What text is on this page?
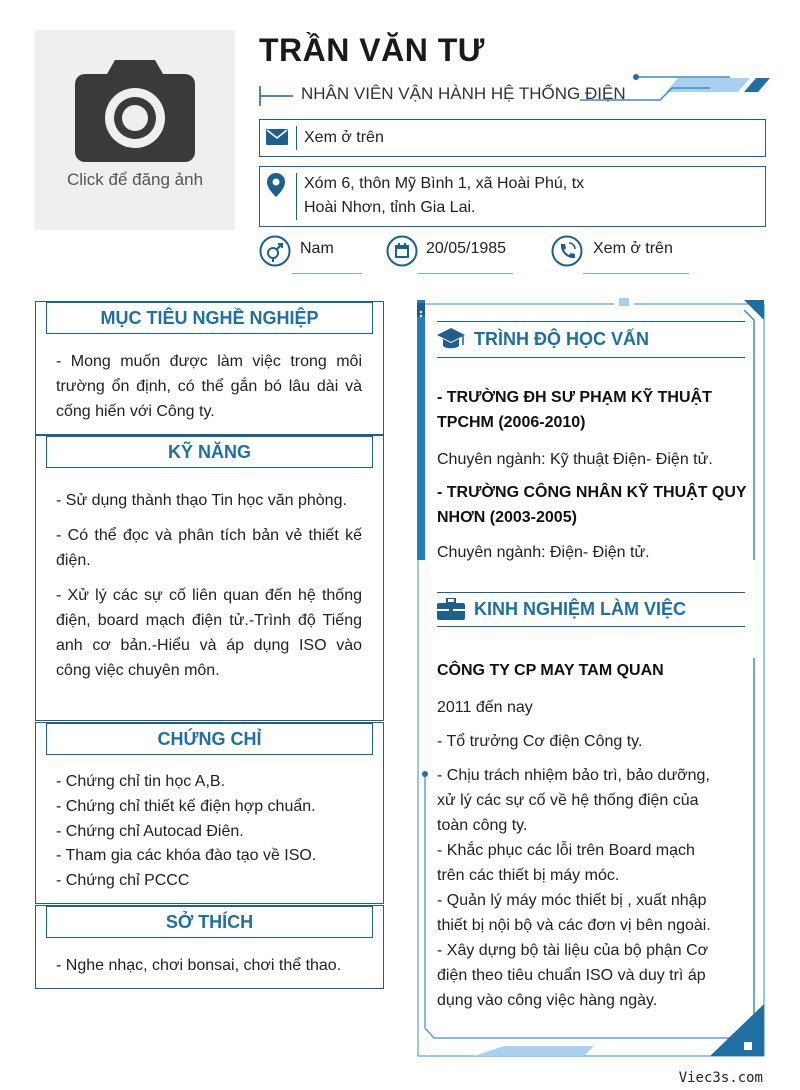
Click để đăng ảnh
TRẦN VĂN TƯ
NHÂN VIÊN VẬN HÀNH HỆ THỐNG ĐIỆN
Xem ở trên
Xóm 6, thôn Mỹ Bình 1, xã Hoài Phú, tx
Hoài Nhơn, tỉnh Gia Lai.
Nam	20/05/1985	Xem ở trên
MỤC TIÊU NGHỀ NGHIỆP
- Mong muốn được làm việc trong môi trường ổn định, có thể gắn bó lâu dài và cống hiến với Công ty.
KỸ NĂNG

- Sử dụng thành thạo Tin học văn phòng.

- Có thể đọc và phân tích bản vẻ thiết kế điện.

- Xử lý các sự cố liên quan đến hệ thống điện, board mạch điện tử.-Trình độ Tiếng anh cơ bản.-Hiểu và áp dụng ISO vào công việc chuyên môn.

CHỨNG CHỈ
- Chứng chỉ tin học A,B.
- Chứng chỉ thiết kế điện hợp chuẩn.
- Chứng chỉ Autocad Điên.
- Tham gia các khóa đào tạo về ISO.
- Chứng chỉ PCCC
SỞ THÍCH
- Nghe nhạc, chơi bonsai, chơi thể thao.
TRÌNH ĐỘ HỌC VẤN
- TRƯỜNG ĐH SƯ PHẠM KỸ THUẬT
TPCHM (2006-2010)
Chuyên ngành: Kỹ thuật Điện- Điện tử.
- TRƯỜNG CÔNG NHÂN KỸ THUẬT QUY
NHƠN (2003-2005)
Chuyên ngành: Điện- Điện tử.
KINH NGHIỆM LÀM VIỆC
CÔNG TY CP MAY TAM QUAN
2011 đến nay
- Tổ trưởng Cơ điện Công ty.
- Chịu trách nhiệm bảo trì, bảo dưỡng,
xử lý các sự cố về hệ thống điện của
toàn công ty.
- Khắc phục các lỗi trên Board mạch
trên các thiết bị máy móc.
- Quản lý máy móc thiết bị , xuất nhập
thiết bị nội bộ và các đơn vị bên ngoài.
- Xây dựng bộ tài liệu của bộ phận Cơ
điện theo tiêu chuẩn ISO và duy trì áp
dụng vào công việc hàng ngày.
Viec3s.com
